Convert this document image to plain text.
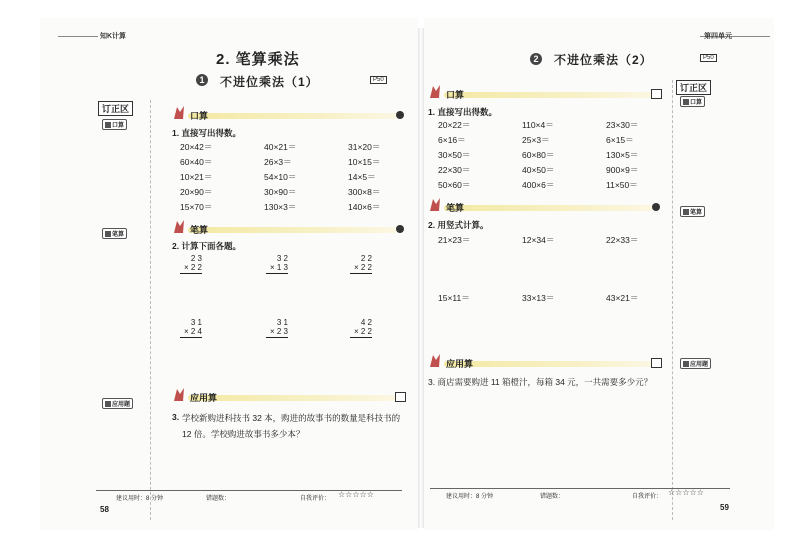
知K计算	第四单元
2. 笔算乘法
1 不进位乘法（1）	P50
订正区
口算
笔算
应用题
口算
1. 直接写出得数。
20×42＝	40×21＝	31×20＝
60×40＝	26×3＝	10×15＝
10×21＝	54×10＝	14×5＝
20×90＝	30×90＝	300×8＝
15×70＝	130×3＝	140×6＝
笔算
2. 计算下面各题。
2 3
× 2 2
3 2
× 1 3
2 2
× 2 2
3 1
× 2 4
3 1
× 2 3
4 2
× 2 2
应用算
3. 学校新购进科技书 32 本，购进的故事书的数量是科技书的
12 倍。学校购进故事书多少本？
建议用时：8 分钟	错题数：	自我评价： ☆☆☆☆☆
58
2 不进位乘法（2）	P50
订正区
口算
笔算
应用题
口算
1. 直接写出得数。
20×22＝	110×4＝	23×30＝
6×16＝	25×3＝	6×15＝
30×50＝	60×80＝	130×5＝
22×30＝	40×50＝	900×9＝
50×60＝	400×6＝	11×50＝
笔算
2. 用竖式计算。
21×23＝	12×34＝	22×33＝
15×11＝	33×13＝	43×21＝
应用算
3. 商店需要购进 11 箱橙汁，每箱 34 元，一共需要多少元？
建议用时：8 分钟	错题数：	自我评价： ☆☆☆☆☆
59
